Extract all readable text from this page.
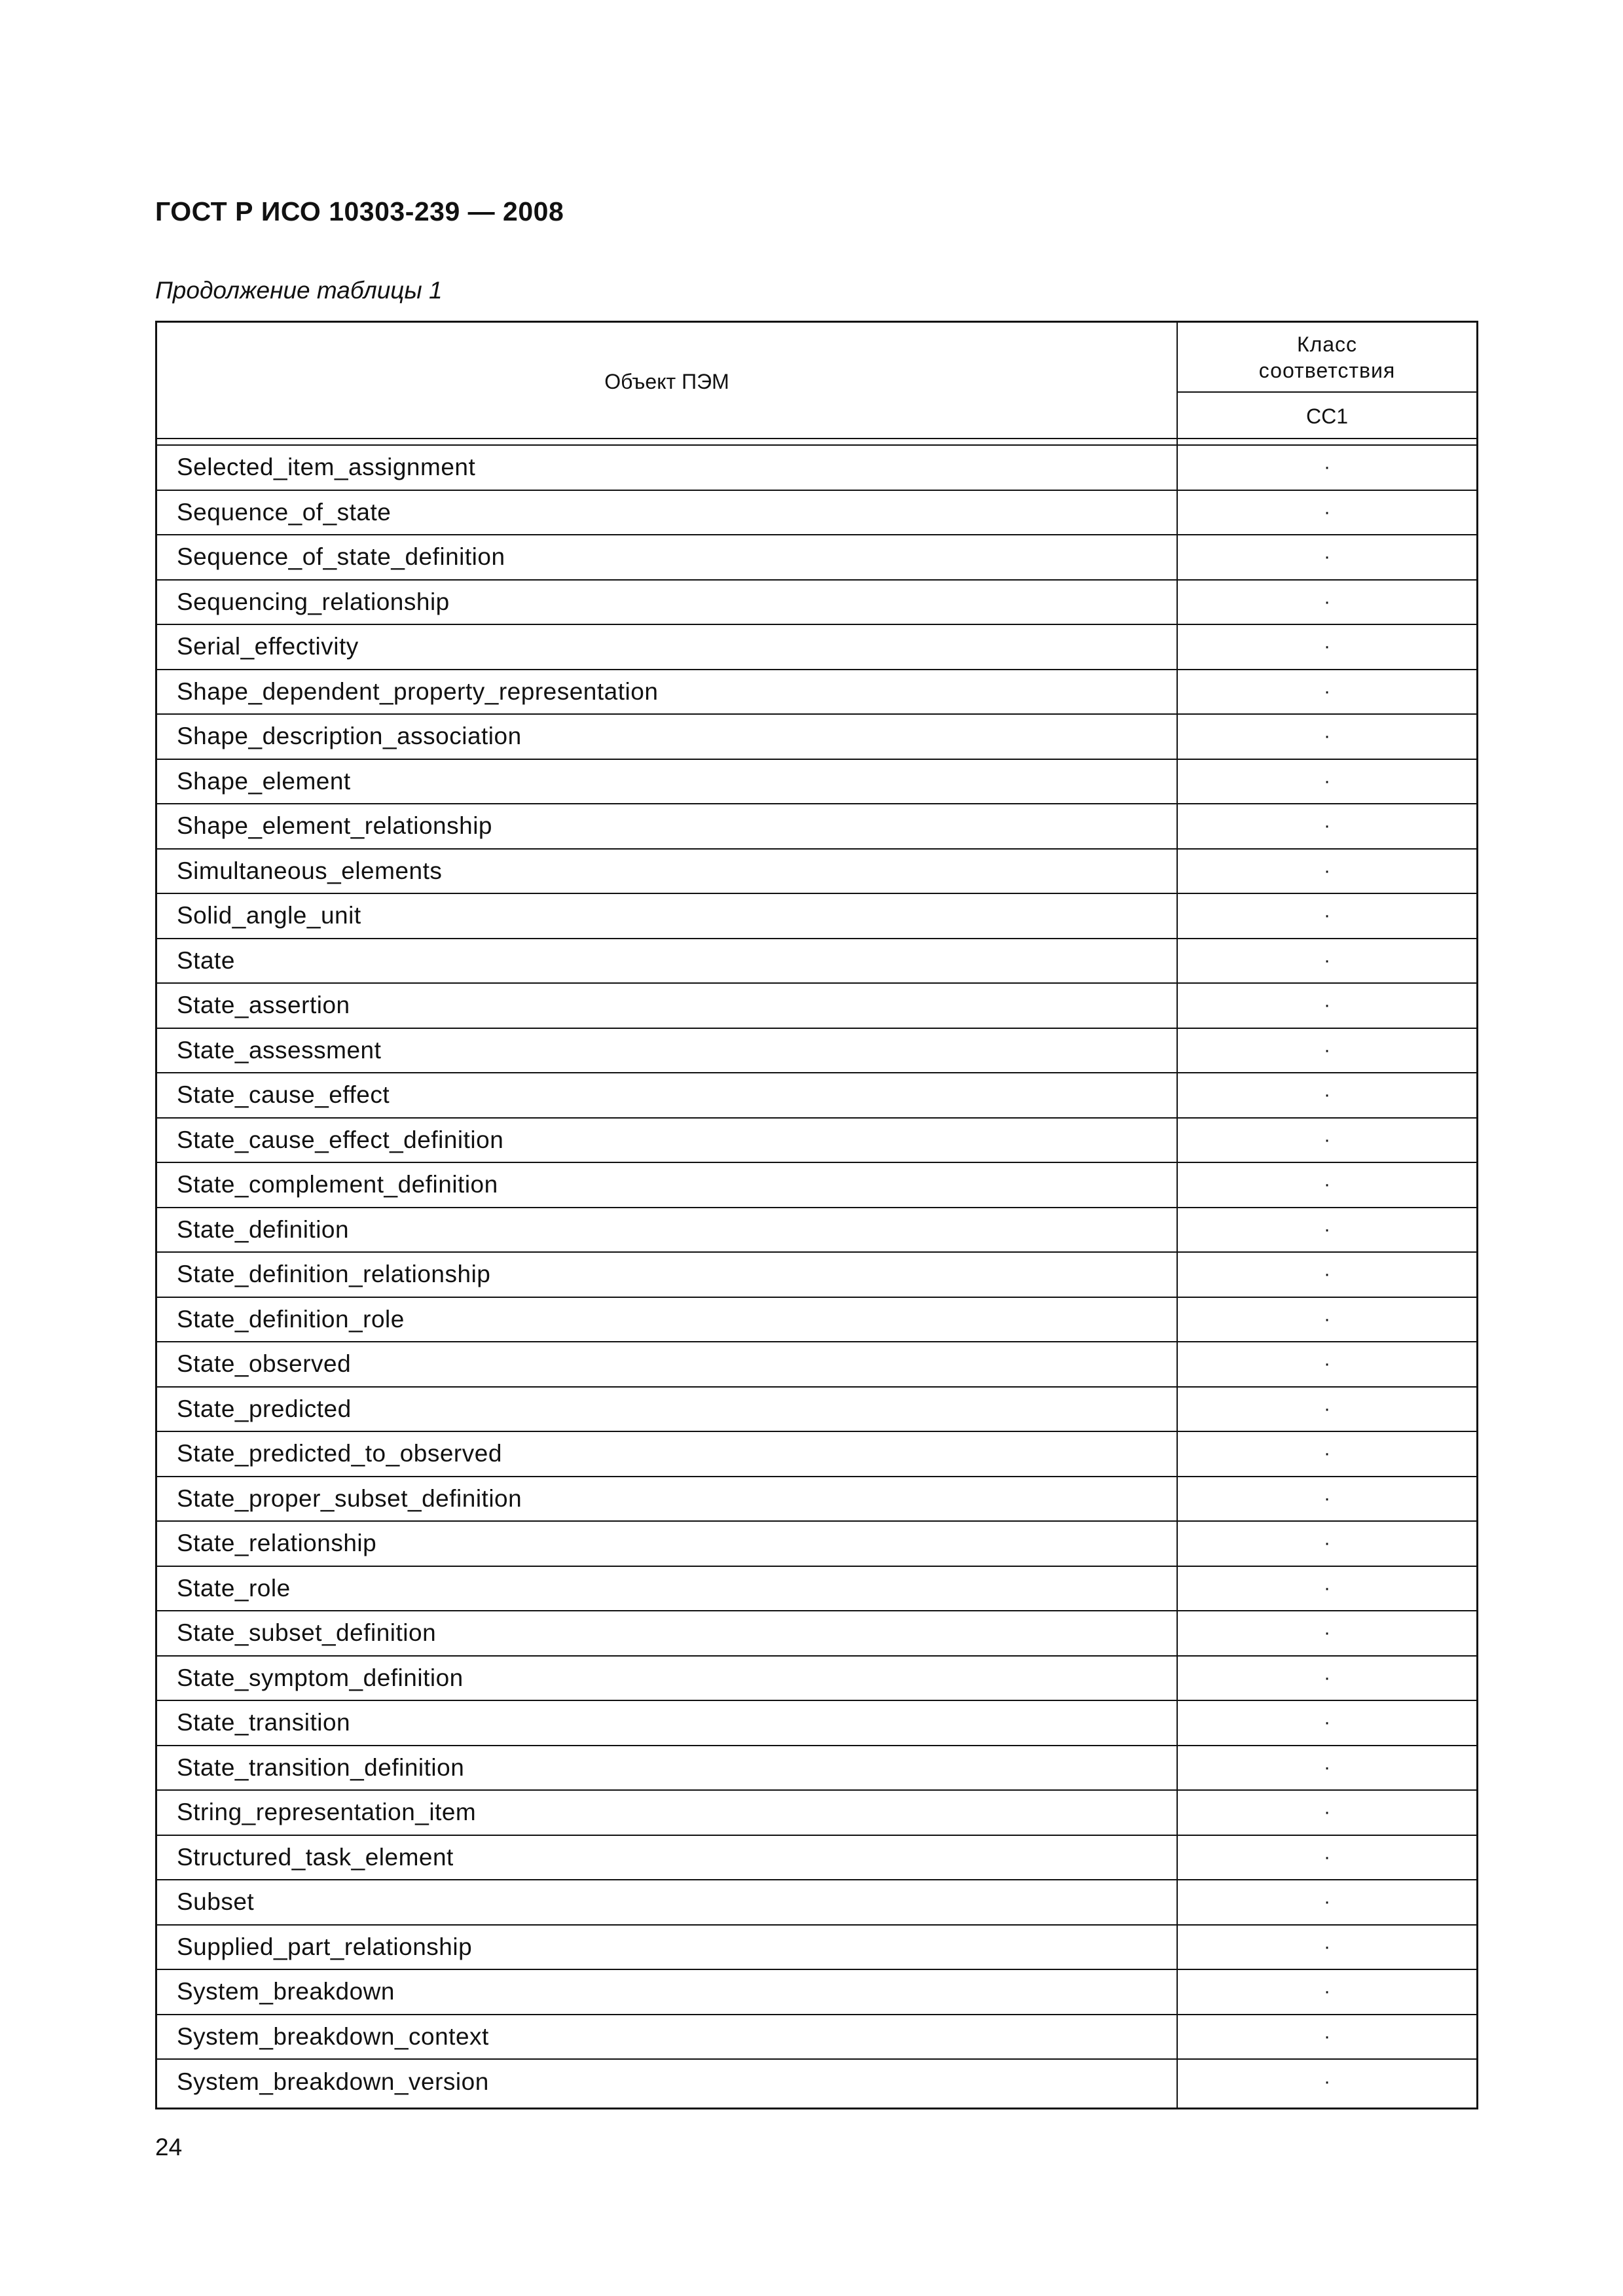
ГОСТ Р ИСО 10303-239 — 2008
Продолжение таблицы 1
Объект ПЭМ
Класс
соответствия
CC1
Selected_item_assignment	·
Sequence_of_state	·
Sequence_of_state_definition	·
Sequencing_relationship	·
Serial_effectivity	·
Shape_dependent_property_representation	·
Shape_description_association	·
Shape_element	·
Shape_element_relationship	·
Simultaneous_elements	·
Solid_angle_unit	·
State	·
State_assertion	·
State_assessment	·
State_cause_effect	·
State_cause_effect_definition	·
State_complement_definition	·
State_definition	·
State_definition_relationship	·
State_definition_role	·
State_observed	·
State_predicted	·
State_predicted_to_observed	·
State_proper_subset_definition	·
State_relationship	·
State_role	·
State_subset_definition	·
State_symptom_definition	·
State_transition	·
State_transition_definition	·
String_representation_item	·
Structured_task_element	·
Subset	·
Supplied_part_relationship	·
System_breakdown	·
System_breakdown_context	·
System_breakdown_version	·
24
